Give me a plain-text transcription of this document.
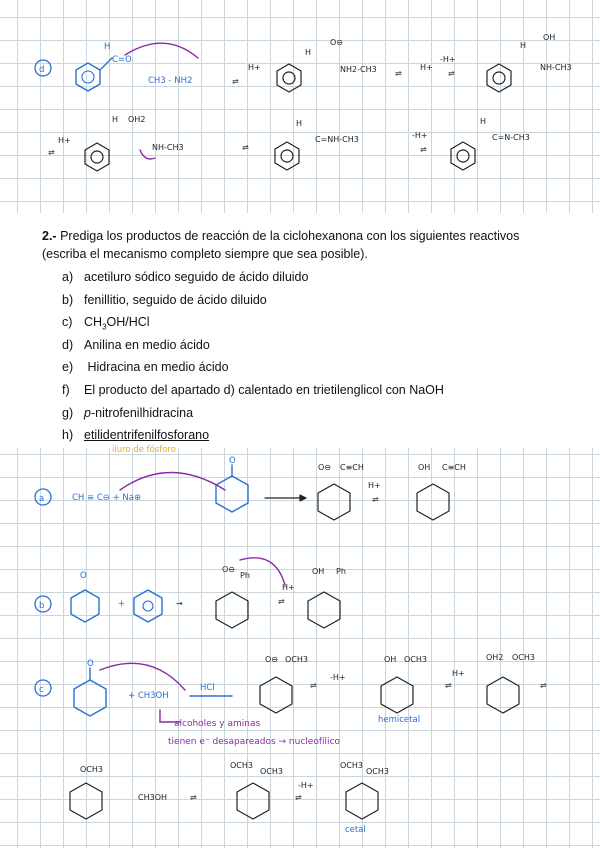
d
H
C=O
CH3 - NH2	⇌
H+
H
O⊖
NH2-CH3 ⇌
H+
-H+
⇌
H
OH
NH-CH3
⇌
H+
H OH2
NH-CH3	⇌
H
C=NH-CH3	-H+
⇌
H
C=N-CH3
2.- Prediga los productos de reacción de la ciclohexanona con los siguientes reactivos (escriba el mecanismo completo siempre que sea posible).
a) acetiluro sódico seguido de ácido diluido
b) fenillitio, seguido de ácido diluido
c) $CH_3OH$/HCl
d) Anilina en medio ácido
e) Hidracina en medio ácido
f) El producto del apartado d) calentado en trietilenglicol con NaOH
g) p-nitrofenilhidracina
h) etilidentrifenilfosforano
iluro de fósforo
a	CH ≡ C⊖ + Na⊕
O
O⊖ C≡CH
H+
⇌
OH C≡CH
b
O
+	→
O⊖
Ph
⇌
H+
OH Ph
c
O
+ CH3OH
HCl
alcoholes y aminas
tienen e⁻ desapareados → nucleofílico
O⊖ OCH3
⇌
-H+
OH OCH3
hemicetal
⇌
H+
OH2 OCH3
⇌
OCH3
CH3OH	⇌
OCH3
OCH3
⇌
-H+
OCH3
OCH3
cetal
